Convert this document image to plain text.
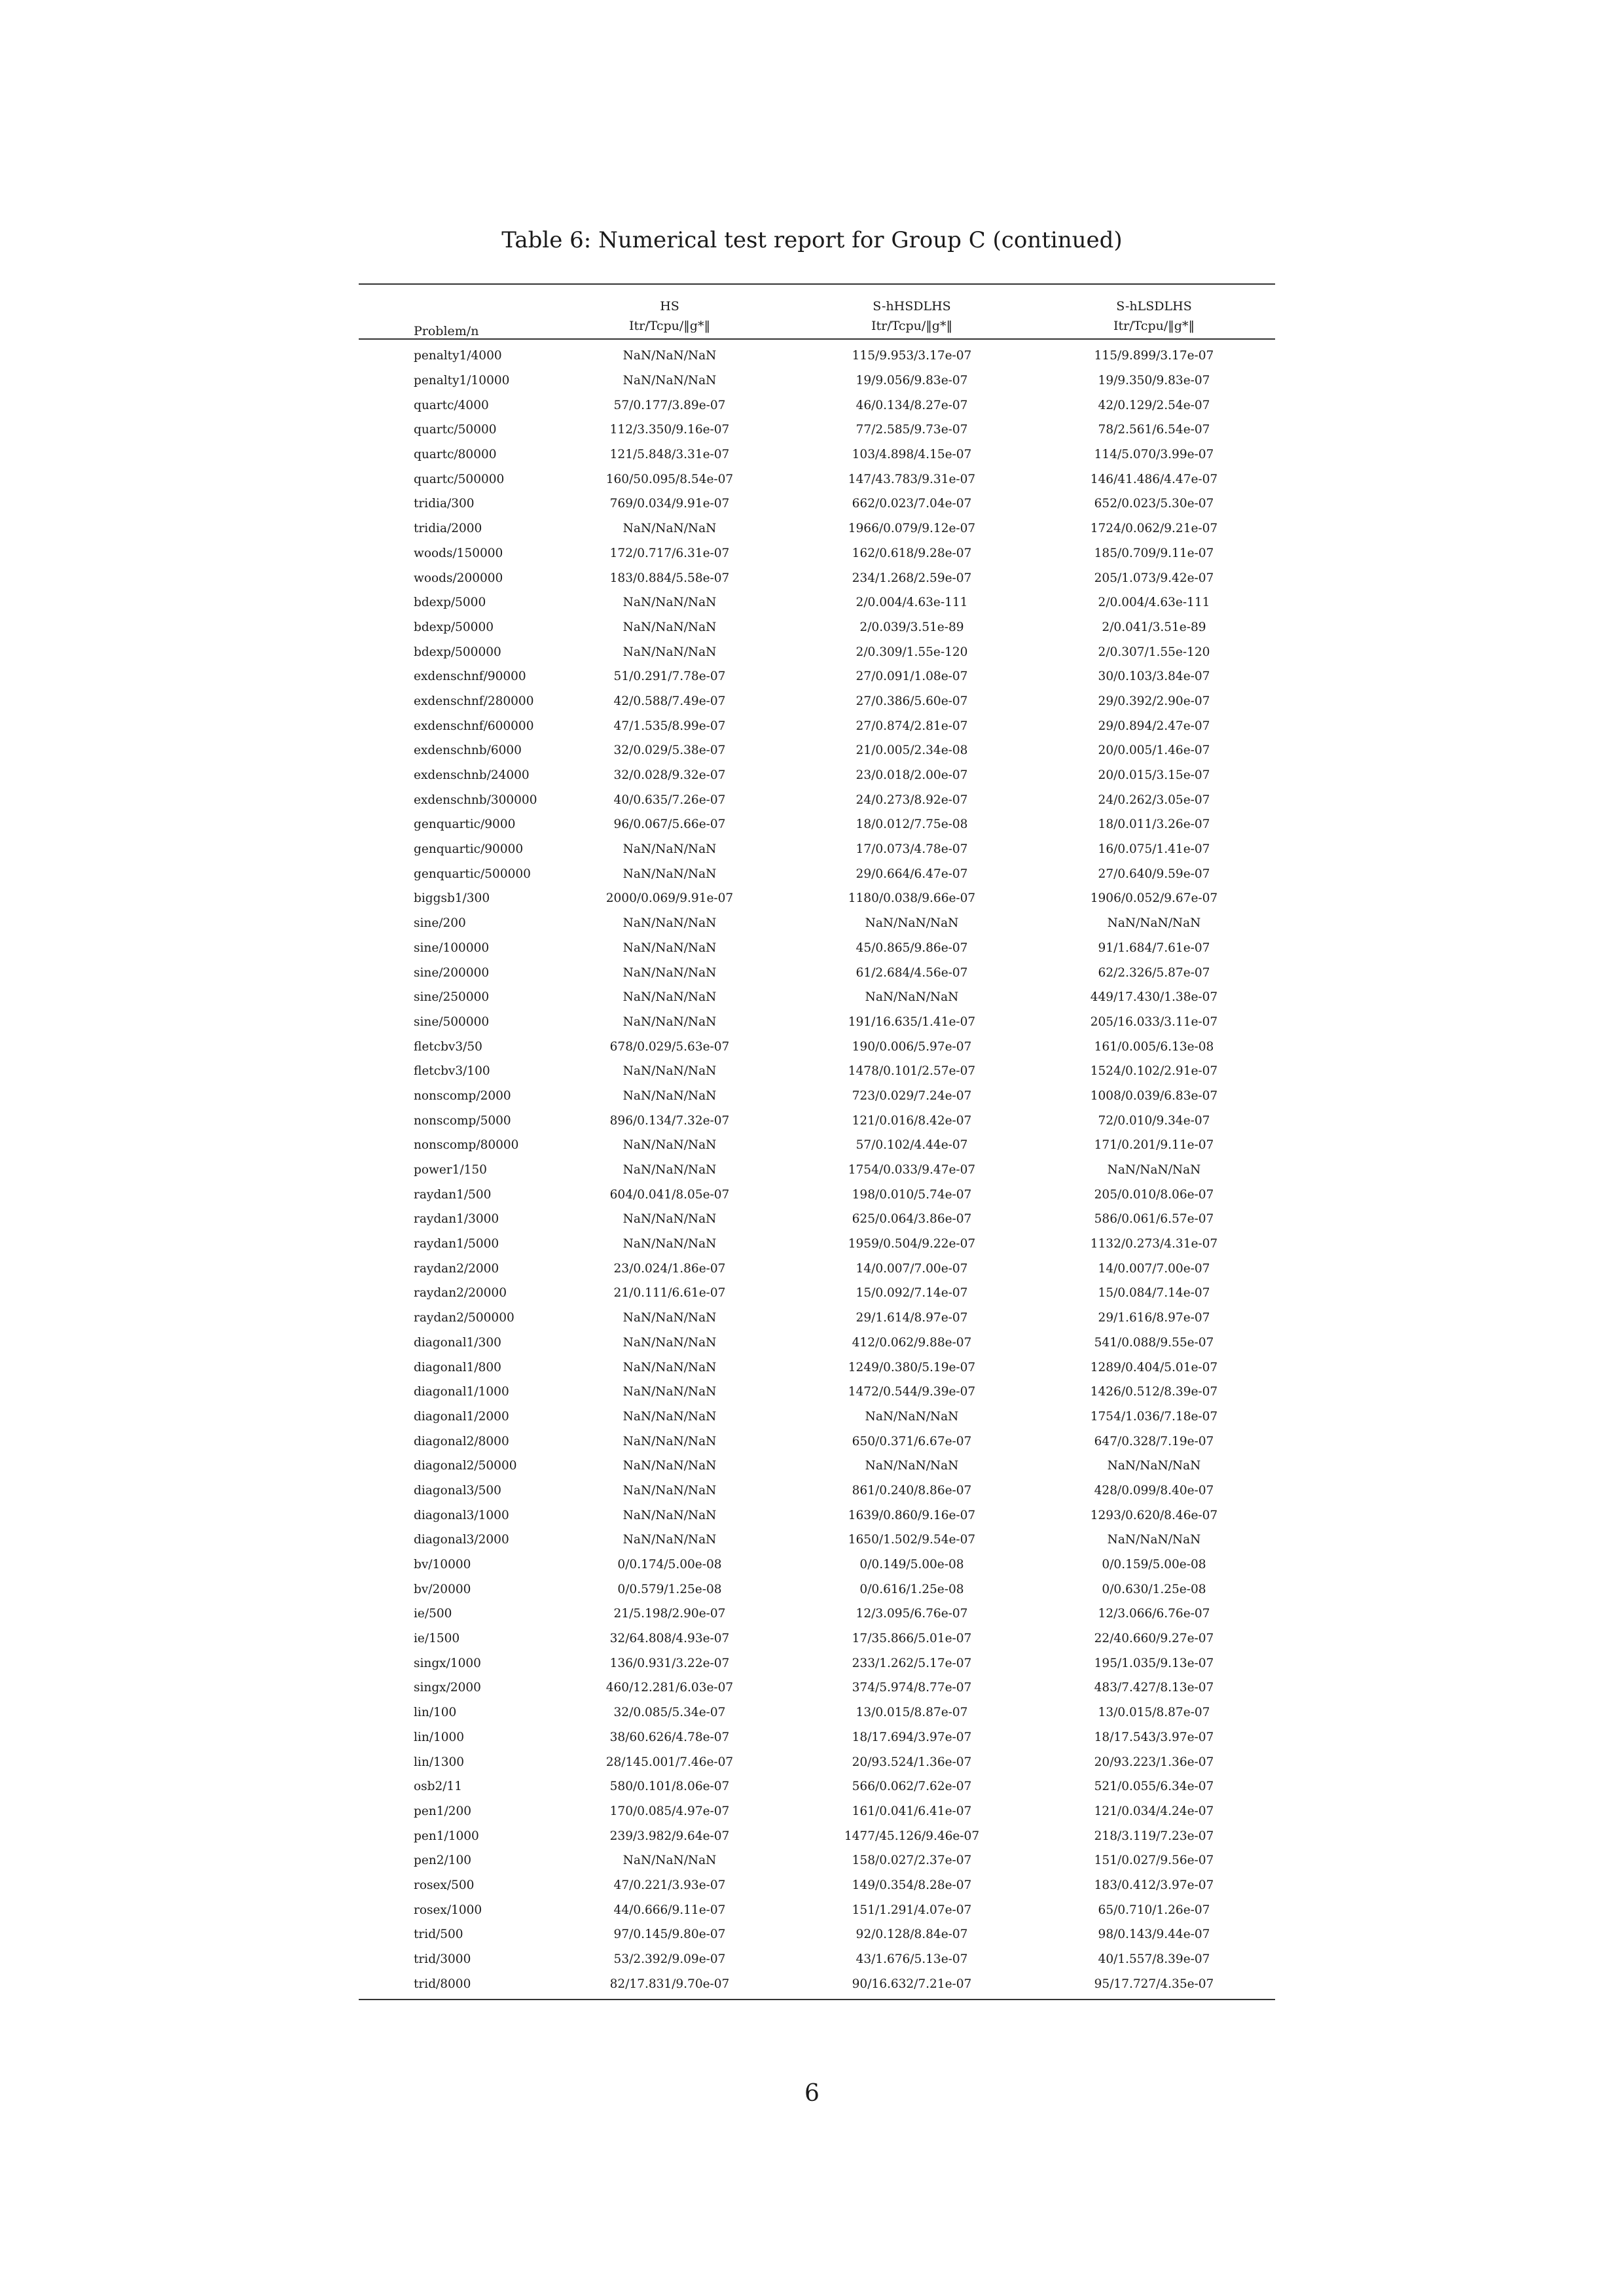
Table 6: Numerical test report for Group C (continued)
Problem/n	HS	S-hHSDLHS	S-hLSDLHS
	Itr/Tcpu/‖g*‖	Itr/Tcpu/‖g*‖	Itr/Tcpu/‖g*‖
penalty1/4000	NaN/NaN/NaN	115/9.953/3.17e-07	115/9.899/3.17e-07
penalty1/10000	NaN/NaN/NaN	19/9.056/9.83e-07	19/9.350/9.83e-07
quartc/4000	57/0.177/3.89e-07	46/0.134/8.27e-07	42/0.129/2.54e-07
quartc/50000	112/3.350/9.16e-07	77/2.585/9.73e-07	78/2.561/6.54e-07
quartc/80000	121/5.848/3.31e-07	103/4.898/4.15e-07	114/5.070/3.99e-07
quartc/500000	160/50.095/8.54e-07	147/43.783/9.31e-07	146/41.486/4.47e-07
tridia/300	769/0.034/9.91e-07	662/0.023/7.04e-07	652/0.023/5.30e-07
tridia/2000	NaN/NaN/NaN	1966/0.079/9.12e-07	1724/0.062/9.21e-07
woods/150000	172/0.717/6.31e-07	162/0.618/9.28e-07	185/0.709/9.11e-07
woods/200000	183/0.884/5.58e-07	234/1.268/2.59e-07	205/1.073/9.42e-07
bdexp/5000	NaN/NaN/NaN	2/0.004/4.63e-111	2/0.004/4.63e-111
bdexp/50000	NaN/NaN/NaN	2/0.039/3.51e-89	2/0.041/3.51e-89
bdexp/500000	NaN/NaN/NaN	2/0.309/1.55e-120	2/0.307/1.55e-120
exdenschnf/90000	51/0.291/7.78e-07	27/0.091/1.08e-07	30/0.103/3.84e-07
exdenschnf/280000	42/0.588/7.49e-07	27/0.386/5.60e-07	29/0.392/2.90e-07
exdenschnf/600000	47/1.535/8.99e-07	27/0.874/2.81e-07	29/0.894/2.47e-07
exdenschnb/6000	32/0.029/5.38e-07	21/0.005/2.34e-08	20/0.005/1.46e-07
exdenschnb/24000	32/0.028/9.32e-07	23/0.018/2.00e-07	20/0.015/3.15e-07
exdenschnb/300000	40/0.635/7.26e-07	24/0.273/8.92e-07	24/0.262/3.05e-07
genquartic/9000	96/0.067/5.66e-07	18/0.012/7.75e-08	18/0.011/3.26e-07
genquartic/90000	NaN/NaN/NaN	17/0.073/4.78e-07	16/0.075/1.41e-07
genquartic/500000	NaN/NaN/NaN	29/0.664/6.47e-07	27/0.640/9.59e-07
biggsb1/300	2000/0.069/9.91e-07	1180/0.038/9.66e-07	1906/0.052/9.67e-07
sine/200	NaN/NaN/NaN	NaN/NaN/NaN	NaN/NaN/NaN
sine/100000	NaN/NaN/NaN	45/0.865/9.86e-07	91/1.684/7.61e-07
sine/200000	NaN/NaN/NaN	61/2.684/4.56e-07	62/2.326/5.87e-07
sine/250000	NaN/NaN/NaN	NaN/NaN/NaN	449/17.430/1.38e-07
sine/500000	NaN/NaN/NaN	191/16.635/1.41e-07	205/16.033/3.11e-07
fletcbv3/50	678/0.029/5.63e-07	190/0.006/5.97e-07	161/0.005/6.13e-08
fletcbv3/100	NaN/NaN/NaN	1478/0.101/2.57e-07	1524/0.102/2.91e-07
nonscomp/2000	NaN/NaN/NaN	723/0.029/7.24e-07	1008/0.039/6.83e-07
nonscomp/5000	896/0.134/7.32e-07	121/0.016/8.42e-07	72/0.010/9.34e-07
nonscomp/80000	NaN/NaN/NaN	57/0.102/4.44e-07	171/0.201/9.11e-07
power1/150	NaN/NaN/NaN	1754/0.033/9.47e-07	NaN/NaN/NaN
raydan1/500	604/0.041/8.05e-07	198/0.010/5.74e-07	205/0.010/8.06e-07
raydan1/3000	NaN/NaN/NaN	625/0.064/3.86e-07	586/0.061/6.57e-07
raydan1/5000	NaN/NaN/NaN	1959/0.504/9.22e-07	1132/0.273/4.31e-07
raydan2/2000	23/0.024/1.86e-07	14/0.007/7.00e-07	14/0.007/7.00e-07
raydan2/20000	21/0.111/6.61e-07	15/0.092/7.14e-07	15/0.084/7.14e-07
raydan2/500000	NaN/NaN/NaN	29/1.614/8.97e-07	29/1.616/8.97e-07
diagonal1/300	NaN/NaN/NaN	412/0.062/9.88e-07	541/0.088/9.55e-07
diagonal1/800	NaN/NaN/NaN	1249/0.380/5.19e-07	1289/0.404/5.01e-07
diagonal1/1000	NaN/NaN/NaN	1472/0.544/9.39e-07	1426/0.512/8.39e-07
diagonal1/2000	NaN/NaN/NaN	NaN/NaN/NaN	1754/1.036/7.18e-07
diagonal2/8000	NaN/NaN/NaN	650/0.371/6.67e-07	647/0.328/7.19e-07
diagonal2/50000	NaN/NaN/NaN	NaN/NaN/NaN	NaN/NaN/NaN
diagonal3/500	NaN/NaN/NaN	861/0.240/8.86e-07	428/0.099/8.40e-07
diagonal3/1000	NaN/NaN/NaN	1639/0.860/9.16e-07	1293/0.620/8.46e-07
diagonal3/2000	NaN/NaN/NaN	1650/1.502/9.54e-07	NaN/NaN/NaN
bv/10000	0/0.174/5.00e-08	0/0.149/5.00e-08	0/0.159/5.00e-08
bv/20000	0/0.579/1.25e-08	0/0.616/1.25e-08	0/0.630/1.25e-08
ie/500	21/5.198/2.90e-07	12/3.095/6.76e-07	12/3.066/6.76e-07
ie/1500	32/64.808/4.93e-07	17/35.866/5.01e-07	22/40.660/9.27e-07
singx/1000	136/0.931/3.22e-07	233/1.262/5.17e-07	195/1.035/9.13e-07
singx/2000	460/12.281/6.03e-07	374/5.974/8.77e-07	483/7.427/8.13e-07
lin/100	32/0.085/5.34e-07	13/0.015/8.87e-07	13/0.015/8.87e-07
lin/1000	38/60.626/4.78e-07	18/17.694/3.97e-07	18/17.543/3.97e-07
lin/1300	28/145.001/7.46e-07	20/93.524/1.36e-07	20/93.223/1.36e-07
osb2/11	580/0.101/8.06e-07	566/0.062/7.62e-07	521/0.055/6.34e-07
pen1/200	170/0.085/4.97e-07	161/0.041/6.41e-07	121/0.034/4.24e-07
pen1/1000	239/3.982/9.64e-07	1477/45.126/9.46e-07	218/3.119/7.23e-07
pen2/100	NaN/NaN/NaN	158/0.027/2.37e-07	151/0.027/9.56e-07
rosex/500	47/0.221/3.93e-07	149/0.354/8.28e-07	183/0.412/3.97e-07
rosex/1000	44/0.666/9.11e-07	151/1.291/4.07e-07	65/0.710/1.26e-07
trid/500	97/0.145/9.80e-07	92/0.128/8.84e-07	98/0.143/9.44e-07
trid/3000	53/2.392/9.09e-07	43/1.676/5.13e-07	40/1.557/8.39e-07
trid/8000	82/17.831/9.70e-07	90/16.632/7.21e-07	95/17.727/4.35e-07

6
